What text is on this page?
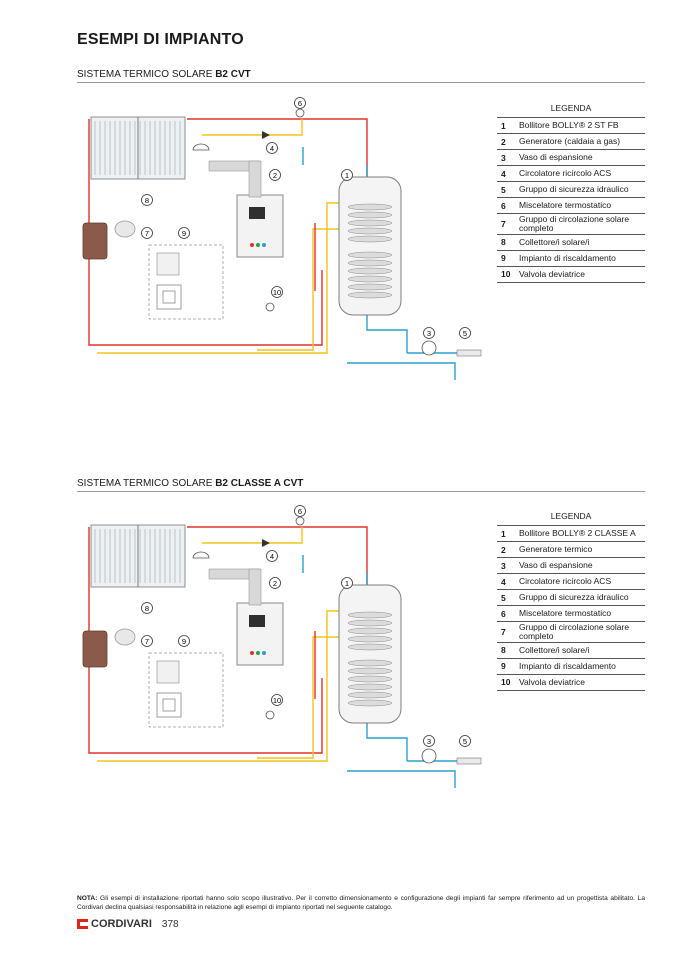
ESEMPI DI IMPIANTO
SISTEMA TERMICO SOLARE B2 CVT
1
2
3
4
5
6
7
8
9
10
LEGENDA
1	Bollitore BOLLY® 2 ST FB
2	Generatore (caldaia a gas)
3	Vaso di espansione
4	Circolatore ricircolo ACS
5	Gruppo di sicurezza idraulico
6	Miscelatore termostatico
7	Gruppo di circolazione solare completo
8	Collettore/i solare/i
9	Impianto di riscaldamento
10	Valvola deviatrice
SISTEMA TERMICO SOLARE B2 CLASSE A CVT
1
2
3
4
5
6
7
8
9
10
LEGENDA
1	Bollitore BOLLY® 2 CLASSE A
2	Generatore termico
3	Vaso di espansione
4	Circolatore ricircolo ACS
5	Gruppo di sicurezza idraulico
6	Miscelatore termostatico
7	Gruppo di circolazione solare completo
8	Collettore/i solare/i
9	Impianto di riscaldamento
10	Valvola deviatrice
NOTA: Gli esempi di installazione riportati hanno solo scopo illustrativo. Per il corretto dimensionamento e configurazione degli impianti far sempre riferimento ad un progettista abilitato. La Cordivari declina qualsiasi responsabilità in relazione agli esempi di impianto riportati nel seguente catalogo.
CORDIVARI 378
